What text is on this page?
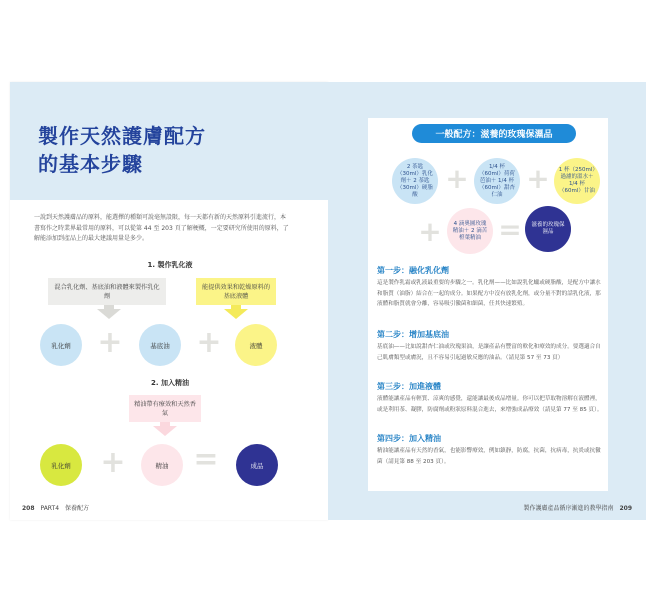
製作天然護膚配方
的基本步驟
一說到天然護膚品的原料，能選擇的種類可說毫無設限，每一天都有新的天然原料引進流行，本書寫作之時業界最常用的原料，可以從第 44 至 203 頁了解梗概，一定要研究所使用的原料，了解能添加到產品上的最大建議用量是多少。
1. 製作乳化液
混合乳化劑、基底油和液體來製作乳化劑
能提供效果和乾燥原料的基底液體
乳化劑 +	基底油 +	液體
2. 加入精油
精油帶有療效和天然香氣
乳化劑 +	精油 =	成品
208 PART4　保養配方
一般配方：滋養的玫瑰保濕品
2 茶匙（30ml）乳化劑＋ 2 茶匙（30ml）硬脂酸 +	1/4 杯（60ml）荷荷芭油＋ 1/4 杯（60ml）甜杏仁油 +	1 杯（250ml）過濾的溫水＋ 1/4 杯（60ml）甘油
+	4 滴奧圖玫瑰精油＋ 2 滴苦橙葉精油 =	滋養的玫瑰保濕品
第一步：融化乳化劑
這是製作乳霜或乳液最重要的步驟之一。乳化劑——比如說乳化蠟或硬脂酸，是配方中讓水和脂質（油脂）結合在一起的成分。如果配方中沒有放乳化劑，或分量不對的話乳化液，那液體和脂質就會分離，容易吸引黴菌和細菌，任其快速繁殖。
第二步：增加基底油
基底油——比如說甜杏仁油或玫瑰果油，是讓產品有豐富的軟化和療效的成分。要選適合自己肌膚類型或膚況，且不容易引起過敏反應的油品。（請見第 57 至 73 頁）
第三步：加進液體
液體能讓產品有輕質、涼爽的感覺，還能讓最後成品增量。你可以把草取物溶解在液體裡，或是利用茶、凝膠，防腐劑或粉狀原料混合進去，來增強成品療效（請見第 77 至 85 頁）。
第四步：加入精油
精油能讓產品有天然的香氣，也能影響療效，例如鎮靜，防腐，抗菌，抗病毒，抗炎或抗黴菌（請見第 88 至 203 頁）。
製作護膚產品循序漸進的教學指南 209
